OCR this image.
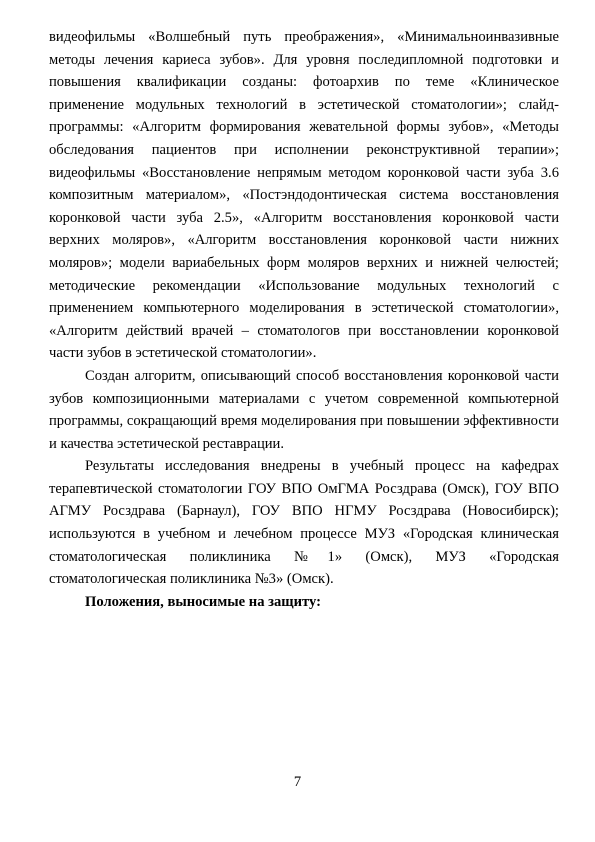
видеофильмы «Волшебный путь преображения», «Минимальноинвазивные методы лечения кариеса зубов». Для уровня последипломной подготовки и повышения квалификации созданы: фотоархив по теме «Клиническое применение модульных технологий в эстетической стоматологии»; слайд-программы: «Алгоритм формирования жевательной формы зубов», «Методы обследования пациентов при исполнении реконструктивной терапии»; видеофильмы «Восстановление непрямым методом коронковой части зуба 3.6 композитным материалом», «Постэндодонтическая система восстановления коронковой части зуба 2.5», «Алгоритм восстановления коронковой части верхних моляров», «Алгоритм восстановления коронковой части нижних моляров»; модели вариабельных форм моляров верхних и нижней челюстей; методические рекомендации «Использование модульных технологий с применением компьютерного моделирования в эстетической стоматологии», «Алгоритм действий врачей – стоматологов при восстановлении коронковой части зубов в эстетической стоматологии».

Создан алгоритм, описывающий способ восстановления коронковой части зубов композиционными материалами с учетом современной компьютерной программы, сокращающий время моделирования при повышении эффективности и качества эстетической реставрации.

Результаты исследования внедрены в учебный процесс на кафедрах терапевтической стоматологии ГОУ ВПО ОмГМА Росздрава (Омск), ГОУ ВПО АГМУ Росздрава (Барнаул), ГОУ ВПО НГМУ Росздрава (Новосибирск); используются в учебном и лечебном процессе МУЗ «Городская клиническая стоматологическая поликлиника №1» (Омск), МУЗ «Городская стоматологическая поликлиника №3» (Омск).

Положения, выносимые на защиту:

7
